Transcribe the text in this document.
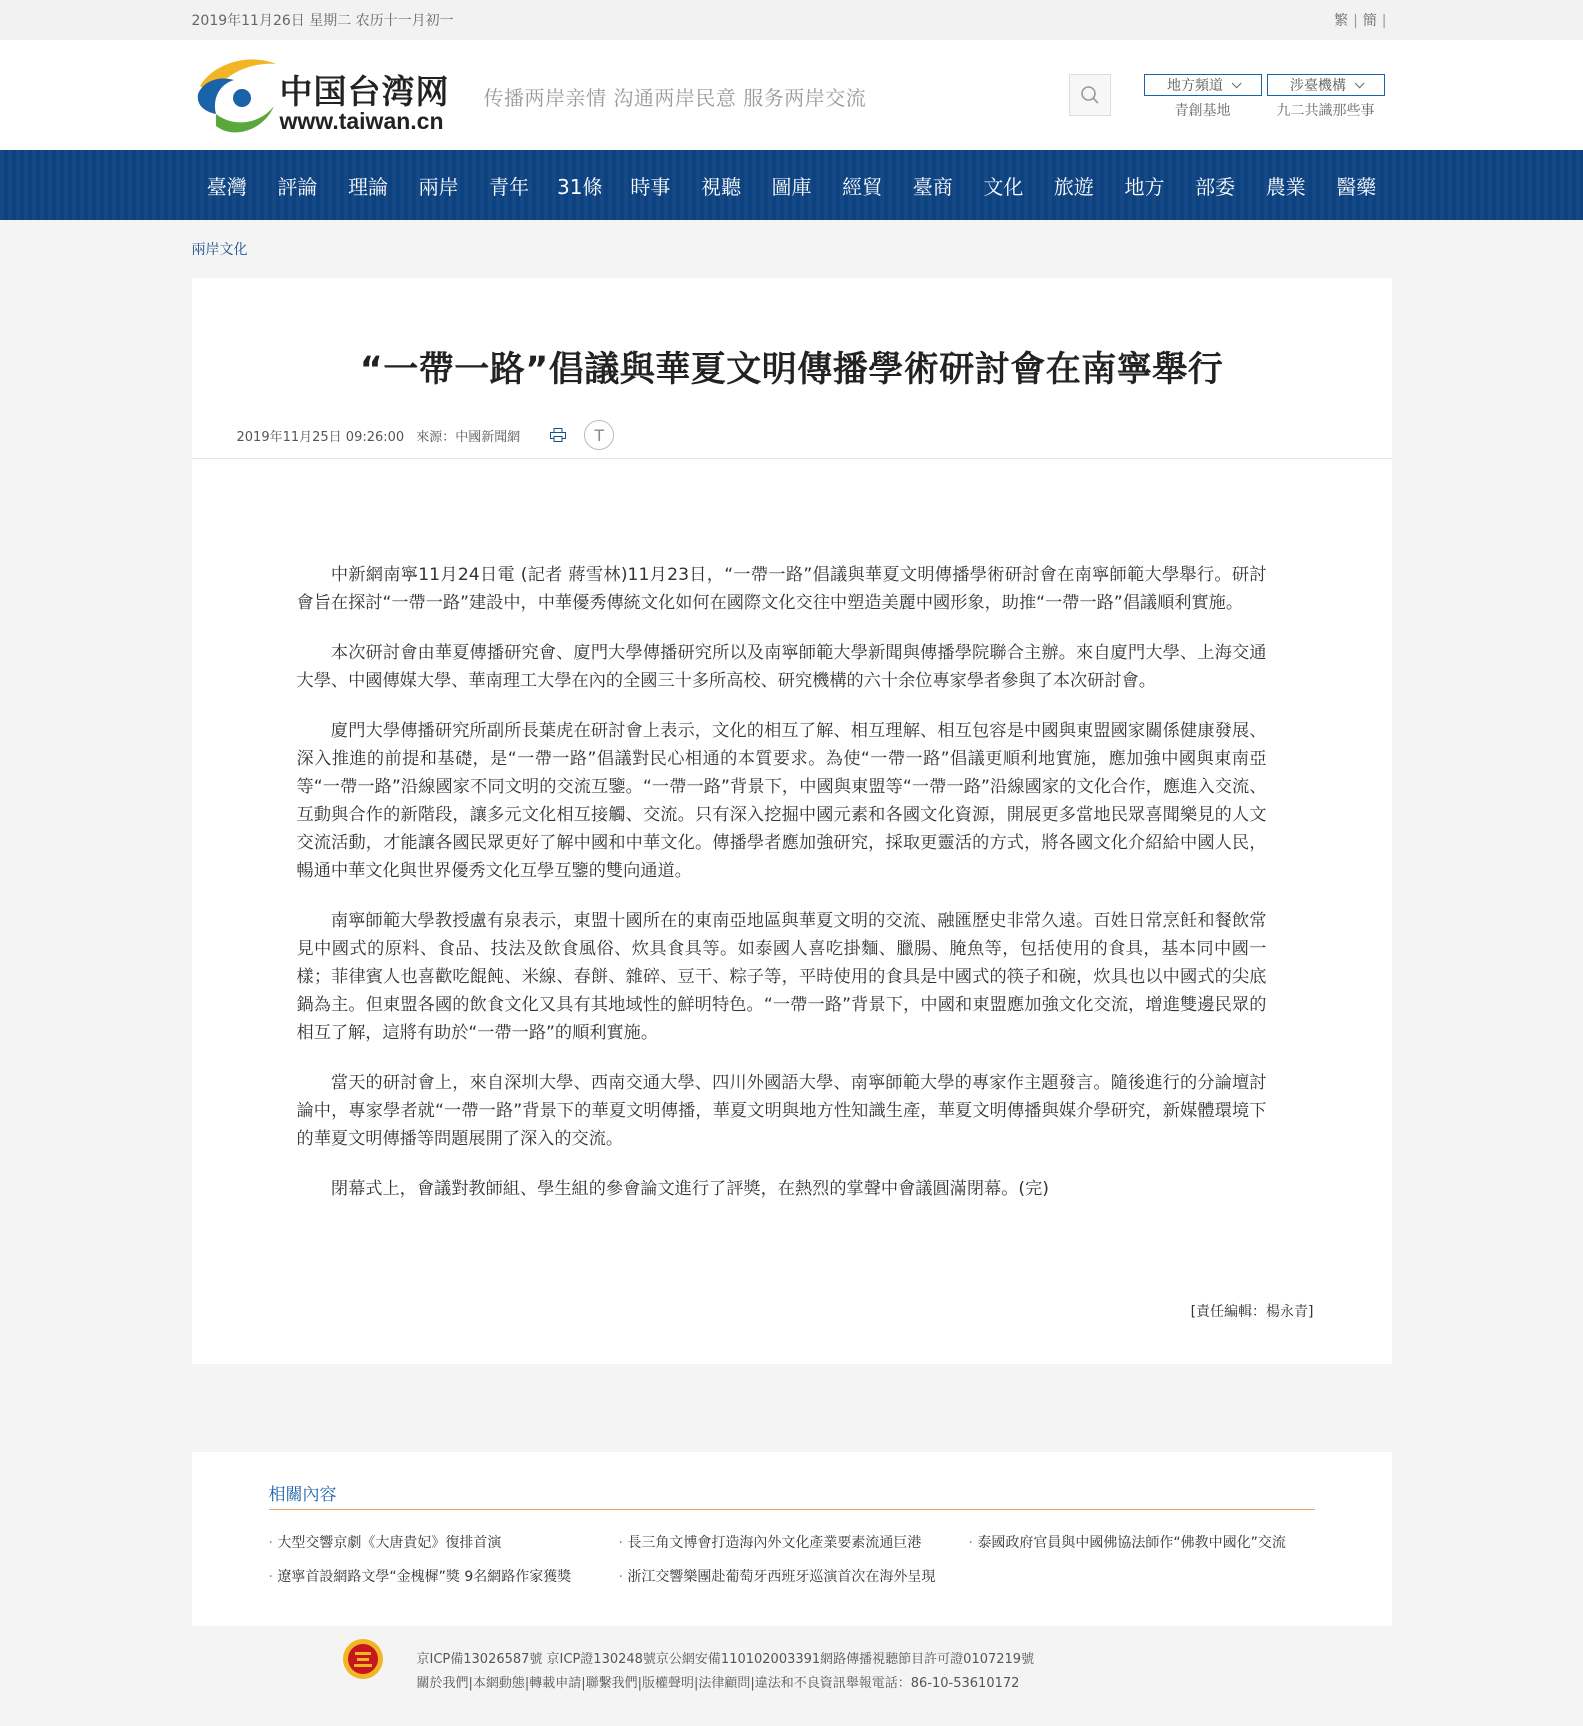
2019年11月26日 星期二 农历十一月初一	繁 | 簡 |
中国台湾网
www.taiwan.cn
传播两岸亲情 沟通两岸民意 服务两岸交流	地方頻道
青創基地
涉臺機構
九二共識那些事
臺灣	評論	理論	兩岸	青年	31條	時事	視聽	圖庫	經貿	臺商	文化	旅遊	地方	部委	農業	醫藥
兩岸文化
“一帶一路”倡議與華夏文明傳播學術研討會在南寧舉行
2019年11月25日 09:26:00 來源：中國新聞網	T

中新網南寧11月24日電 (記者 蔣雪林)11月23日，“一帶一路”倡議與華夏文明傳播學術研討會在南寧師範大學舉行。研討會旨在探討“一帶一路”建設中，中華優秀傳統文化如何在國際文化交往中塑造美麗中國形象，助推“一帶一路”倡議順利實施。

本次研討會由華夏傳播研究會、廈門大學傳播研究所以及南寧師範大學新聞與傳播學院聯合主辦。來自廈門大學、上海交通大學、中國傳媒大學、華南理工大學在內的全國三十多所高校、研究機構的六十余位專家學者參與了本次研討會。

廈門大學傳播研究所副所長葉虎在研討會上表示，文化的相互了解、相互理解、相互包容是中國與東盟國家關係健康發展、深入推進的前提和基礎，是“一帶一路”倡議對民心相通的本質要求。為使“一帶一路”倡議更順利地實施，應加強中國與東南亞等“一帶一路”沿線國家不同文明的交流互鑒。“一帶一路”背景下，中國與東盟等“一帶一路”沿線國家的文化合作，應進入交流、互動與合作的新階段，讓多元文化相互接觸、交流。只有深入挖掘中國元素和各國文化資源，開展更多當地民眾喜聞樂見的人文交流活動，才能讓各國民眾更好了解中國和中華文化。傳播學者應加強研究，採取更靈活的方式，將各國文化介紹給中國人民，暢通中華文化與世界優秀文化互學互鑒的雙向通道。

南寧師範大學教授盧有泉表示，東盟十國所在的東南亞地區與華夏文明的交流、融匯歷史非常久遠。百姓日常烹飪和餐飲常見中國式的原料、食品、技法及飲食風俗、炊具食具等。如泰國人喜吃掛麵、臘腸、腌魚等，包括使用的食具，基本同中國一樣；菲律賓人也喜歡吃餛飩、米線、春餅、雜碎、豆干、粽子等，平時使用的食具是中國式的筷子和碗，炊具也以中國式的尖底鍋為主。但東盟各國的飲食文化又具有其地域性的鮮明特色。“一帶一路”背景下，中國和東盟應加強文化交流，增進雙邊民眾的相互了解，這將有助於“一帶一路”的順利實施。

當天的研討會上，來自深圳大學、西南交通大學、四川外國語大學、南寧師範大學的專家作主題發言。隨後進行的分論壇討論中，專家學者就“一帶一路”背景下的華夏文明傳播，華夏文明與地方性知識生產，華夏文明傳播與媒介學研究，新媒體環境下的華夏文明傳播等問題展開了深入的交流。

閉幕式上，會議對教師組、學生組的參會論文進行了評獎，在熱烈的掌聲中會議圓滿閉幕。(完)

[責任編輯：楊永青]
相關內容
· 大型交響京劇《大唐貴妃》復排首演	· 長三角文博會打造海內外文化產業要素流通巨港	· 泰國政府官員與中國佛協法師作“佛教中國化”交流
· 遼寧首設網路文學“金槐樨”獎 9名網路作家獲獎	· 浙江交響樂團赴葡萄牙西班牙巡演首次在海外呈現
京ICP備13026587號 京ICP證130248號京公網安備110102003391網路傳播視聽節目許可證0107219號
關於我們|本網動態|轉載申請|聯繫我們|版權聲明|法律顧問|違法和不良資訊舉報電話：86-10-53610172
